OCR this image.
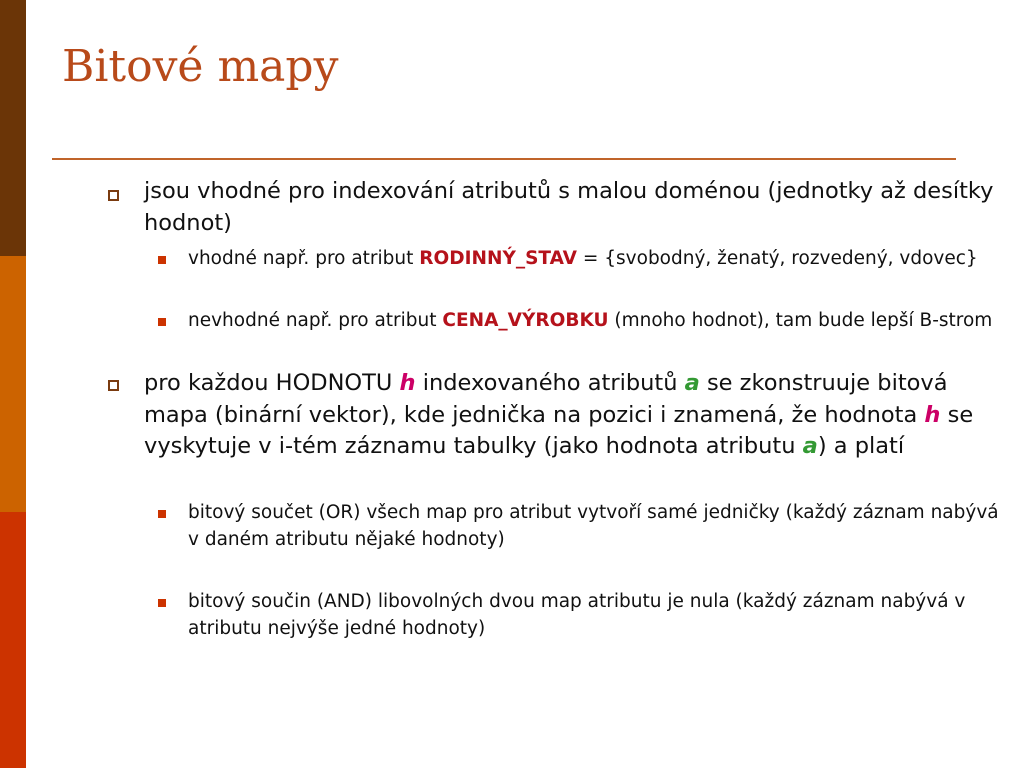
Bitové mapy

jsou vhodné pro indexování atributů s malou doménou (jednotky až desítky hodnot)

vhodné např. pro atribut RODINNÝ_STAV = {svobodný, ženatý, rozvedený, vdovec}

nevhodné např. pro atribut CENA_VÝROBKU (mnoho hodnot), tam bude lepší B-strom

pro každou HODNOTU h indexovaného atributů a se zkonstruuje bitová mapa (binární vektor), kde jednička na pozici i znamená, že hodnota h se vyskytuje v i-tém záznamu tabulky (jako hodnota atributu a) a platí

bitový součet (OR) všech map pro atribut vytvoří samé jedničky (každý záznam nabývá v daném atributu nějaké hodnoty)

bitový součin (AND) libovolných dvou map atributu je nula (každý záznam nabývá v atributu nejvýše jedné hodnoty)
